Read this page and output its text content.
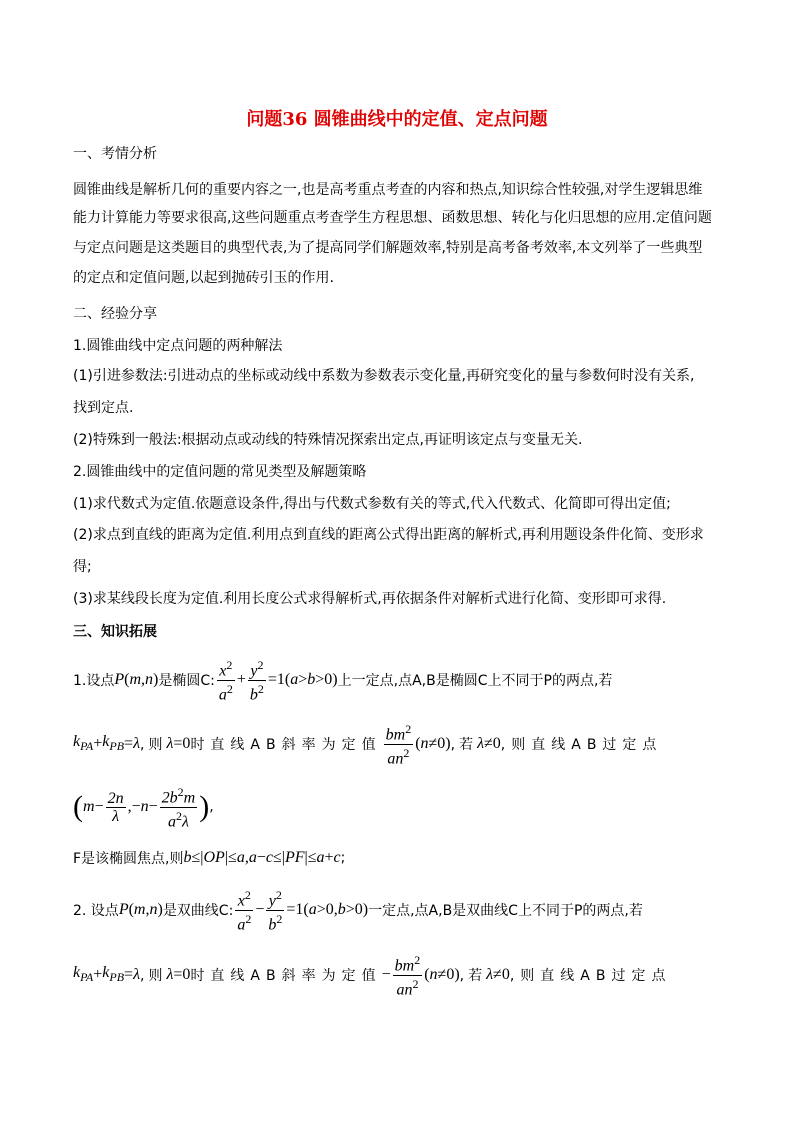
问题36 圆锥曲线中的定值、定点问题
一、考情分析
圆锥曲线是解析几何的重要内容之一,也是高考重点考查的内容和热点,知识综合性较强,对学生逻辑思维
能力计算能力等要求很高,这些问题重点考查学生方程思想、函数思想、转化与化归思想的应用.定值问题
与定点问题是这类题目的典型代表,为了提高同学们解题效率,特别是高考备考效率,本文列举了一些典型
的定点和定值问题,以起到抛砖引玉的作用.
二、经验分享
1.圆锥曲线中定点问题的两种解法
(1)引进参数法:引进动点的坐标或动线中系数为参数表示变化量,再研究变化的量与参数何时没有关系,
找到定点.
(2)特殊到一般法:根据动点或动线的特殊情况探索出定点,再证明该定点与变量无关.
2.圆锥曲线中的定值问题的常见类型及解题策略
(1)求代数式为定值.依题意设条件,得出与代数式参数有关的等式,代入代数式、化简即可得出定值;
(2)求点到直线的距离为定值.利用点到直线的距离公式得出距离的解析式,再利用题设条件化简、变形求
得;
(3)求某线段长度为定值.利用长度公式求得解析式,再依据条件对解析式进行化简、变形即可求得.
三、知识拓展
1.设点 P(m,n) 是椭圆C: $\frac{x^2}{a^2} + \frac{y^2}{b^2} =1$( a > b >0) 上一定点,点A,B是椭圆C上不同于P的两点,若
$k_{PA} + k_{PB} = \lambda$ ,则 λ =0 时直线AB斜率为定值 $\frac{bm^2}{an^2}$ ( n ≠0) ,若 λ ≠0 ,则直线AB过定点
( $m - \frac{2n}{\lambda}$ ,− $n - \frac{2b^2m}{a^2\lambda}$ ) ,
F是该椭圆焦点,则 b ≤| OP |≤ a,a − c ≤| PF |≤ a + c ;
2. 设点 P(m,n) 是双曲线C: $\frac{x^2}{a^2} - \frac{y^2}{b^2} =1$( a >0, b >0) 一定点,点A,B是双曲线C上不同于P的两点,若
$k_{PA} + k_{PB} = \lambda$ ,则 λ =0 时直线AB斜率为定值 − $\frac{bm^2}{an^2}$ ( n ≠0) ,若 λ ≠0 ,则直线AB过定点
